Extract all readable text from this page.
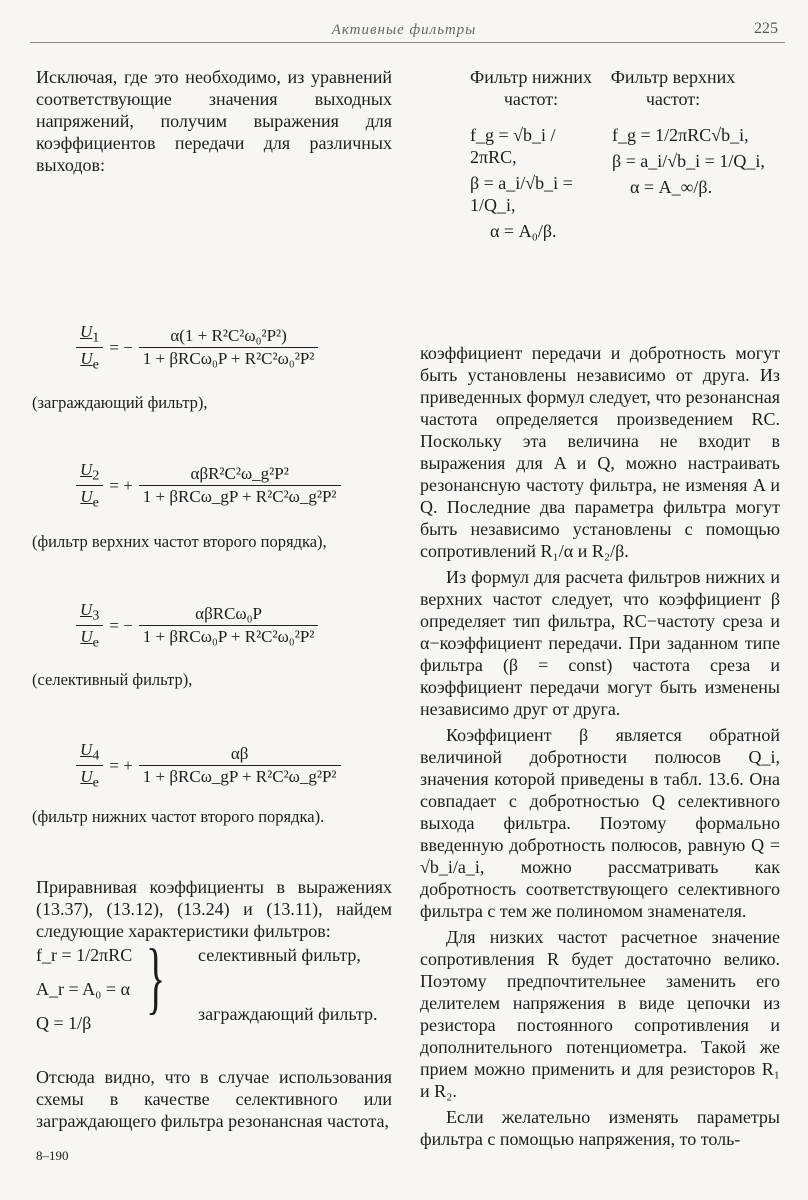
Активные фильтры	225

Исключая, где это необходимо, из уравнений соответствующие значения выходных напряжений, получим выражения для коэффициентов передачи для различных выходов:

Фильтр нижних частот:
Фильтр верхних частот:
f_g = √b_i / 2πRC,
β = a_i/√b_i = 1/Q_i,
α = A₀/β.
f_g = 1/2πRC√b_i,
β = a_i/√b_i = 1/Q_i,
α = A_∞/β.
$\frac{U_1}{U_e}$ = − $\frac{\text{α(1 + R²C²ω₀²P²)}}{\text{1 + βRCω₀P + R²C²ω₀²P²}}$
(заграждающий фильтр),
$\frac{U_2}{U_e}$ = + $\frac{\text{αβR²C²ω\_g²P²}}{\text{1 + βRCω\_gP + R²C²ω\_g²P²}}$
(фильтр верхних частот второго порядка),
$\frac{U_3}{U_e}$ = − $\frac{\text{αβRCω₀P}}{\text{1 + βRCω₀P + R²C²ω₀²P²}}$
(селективный фильтр),
$\frac{U_4}{U_e}$ = + $\frac{\alpha\beta}{\text{1 + βRCω\_gP + R²C²ω\_g²P²}}$
(фильтр нижних частот второго порядка).

Приравнивая коэффициенты в выражениях (13.37), (13.12), (13.24) и (13.11), найдем следующие характеристики фильтров:

f_r = 1/2πRC
A_r = A₀ = α
Q = 1/β
} селективный фильтр,
заграждающий фильтр.

Отсюда видно, что в случае использования схемы в качестве селективного или заграждающего фильтра резонансная частота,

коэффициент передачи и добротность могут быть установлены независимо от друга. Из приведенных формул следует, что резонансная частота определяется произведением RC. Поскольку эта величина не входит в выражения для A и Q, можно настраивать резонансную частоту фильтра, не изменяя A и Q. Последние два параметра фильтра могут быть независимо установлены с помощью сопротивлений R₁/α и R₂/β.

Из формул для расчета фильтров нижних и верхних частот следует, что коэффициент β определяет тип фильтра, RC−частоту среза и α−коэффициент передачи. При заданном типе фильтра (β = const) частота среза и коэффициент передачи могут быть изменены независимо друг от друга.

Коэффициент β является обратной величиной добротности полюсов Q_i, значения которой приведены в табл. 13.6. Она совпадает с добротностью Q селективного выхода фильтра. Поэтому формально введенную добротность полюсов, равную Q = √b_i/a_i, можно рассматривать как добротность соответствующего селективного фильтра с тем же полиномом знаменателя.

Для низких частот расчетное значение сопротивления R будет достаточно велико. Поэтому предпочтительнее заменить его делителем напряжения в виде цепочки из резистора постоянного сопротивления и дополнительного потенциометра. Такой же прием можно применить и для резисторов R₁ и R₂.

Если желательно изменять параметры фильтра с помощью напряжения, то толь-

8–190
